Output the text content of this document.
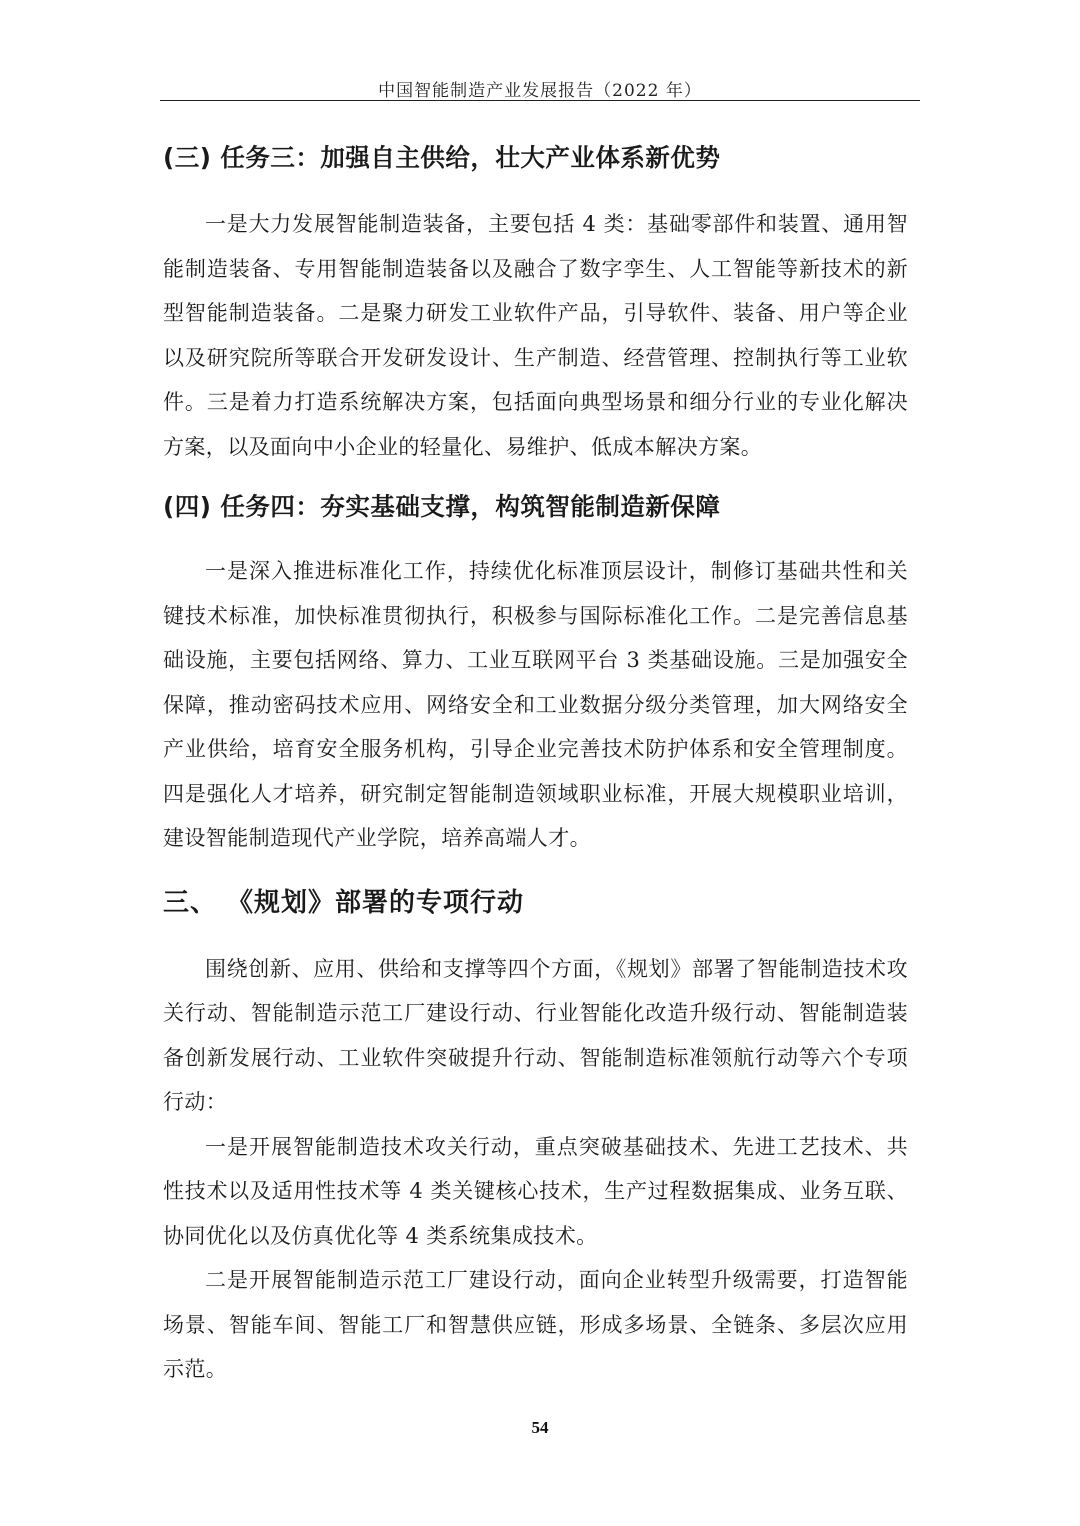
中国智能制造产业发展报告（2022 年）
(三) 任务三：加强自主供给，壮大产业体系新优势

一是大力发展智能制造装备，主要包括 4 类：基础零部件和装置、通用智能制造装备、专用智能制造装备以及融合了数字孪生、人工智能等新技术的新型智能制造装备。二是聚力研发工业软件产品，引导软件、装备、用户等企业以及研究院所等联合开发研发设计、生产制造、经营管理、控制执行等工业软件。三是着力打造系统解决方案，包括面向典型场景和细分行业的专业化解决方案，以及面向中小企业的轻量化、易维护、低成本解决方案。

(四) 任务四：夯实基础支撑，构筑智能制造新保障

一是深入推进标准化工作，持续优化标准顶层设计，制修订基础共性和关键技术标准，加快标准贯彻执行，积极参与国际标准化工作。二是完善信息基础设施，主要包括网络、算力、工业互联网平台 3 类基础设施。三是加强安全保障，推动密码技术应用、网络安全和工业数据分级分类管理，加大网络安全产业供给，培育安全服务机构，引导企业完善技术防护体系和安全管理制度。四是强化人才培养，研究制定智能制造领域职业标准，开展大规模职业培训，建设智能制造现代产业学院，培养高端人才。

三、 《规划》部署的专项行动

围绕创新、应用、供给和支撑等四个方面，《规划》部署了智能制造技术攻关行动、智能制造示范工厂建设行动、行业智能化改造升级行动、智能制造装备创新发展行动、工业软件突破提升行动、智能制造标准领航行动等六个专项行动：

一是开展智能制造技术攻关行动，重点突破基础技术、先进工艺技术、共性技术以及适用性技术等 4 类关键核心技术，生产过程数据集成、业务互联、协同优化以及仿真优化等 4 类系统集成技术。

二是开展智能制造示范工厂建设行动，面向企业转型升级需要，打造智能场景、智能车间、智能工厂和智慧供应链，形成多场景、全链条、多层次应用示范。

54
